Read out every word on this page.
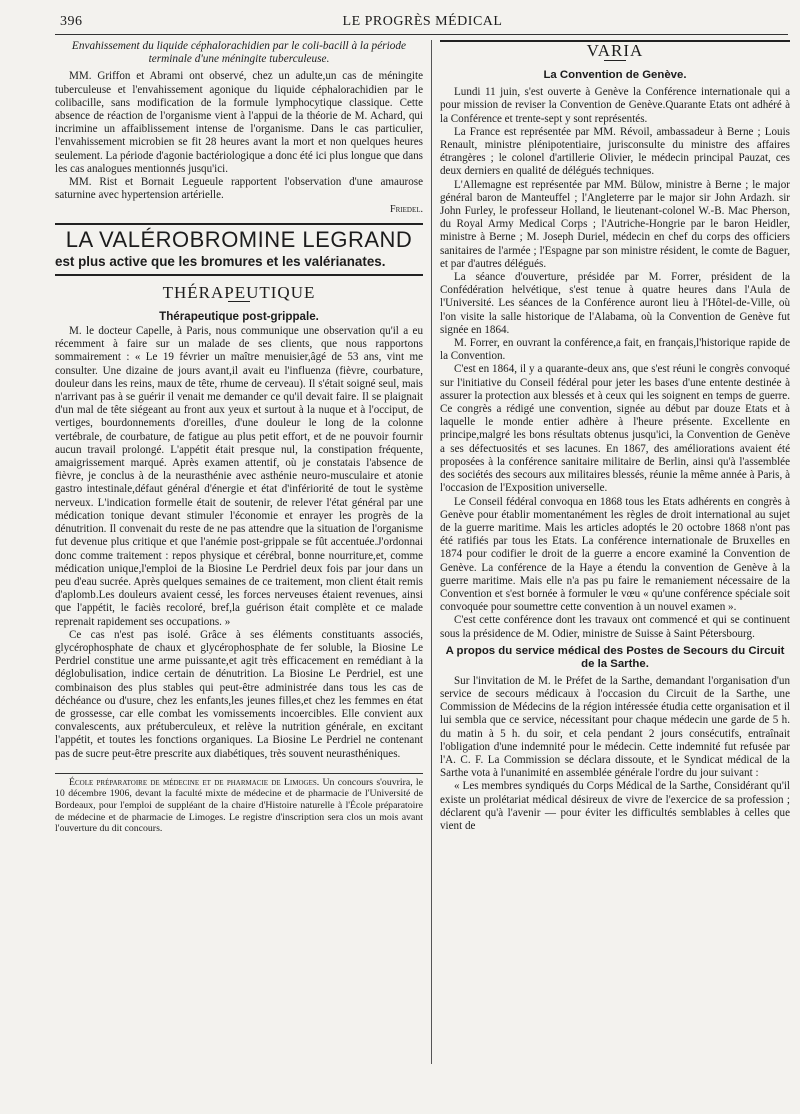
396	LE PROGRÈS MÉDICAL

Envahissement du liquide céphalorachidien par le coli-bacill à la période terminale d'une méningite tuberculeuse.

MM. Griffon et Abrami ont observé, chez un adulte,un cas de méningite tuberculeuse et l'envahissement agonique du liquide céphalorachidien par le colibacille, sans modification de la formule lymphocytique classique. Cette absence de réaction de l'organisme vient à l'appui de la théorie de M. Achard, qui incrimine un affaiblissement intense de l'organisme. Dans le cas particulier, l'envahissement microbien se fit 28 heures avant la mort et non quelques heures seulement. La période d'agonie bactériologique a donc été ici plus longue que dans les cas analogues mentionnés jusqu'ici.

MM. Rist et Bornait Legueule rapportent l'observation d'une amaurose saturnine avec hypertension artérielle.

Friedel.
LA VALÉROBROMINE LEGRAND
est plus active que les bromures et les valérianates.
THÉRAPEUTIQUE
Thérapeutique post-grippale.

M. le docteur Capelle, à Paris, nous communique une observation qu'il a eu récemment à faire sur un malade de ses clients, que nous rapportons sommairement : « Le 19 février un maître menuisier,âgé de 53 ans, vint me consulter. Une dizaine de jours avant,il avait eu l'influenza (fièvre, courbature, douleur dans les reins, maux de tête, rhume de cerveau). Il s'était soigné seul, mais n'arrivant pas à se guérir il venait me demander ce qu'il devait faire. Il se plaignait d'un mal de tête siégeant au front aux yeux et surtout à la nuque et à l'occiput, de vertiges, bourdonnements d'oreilles, d'une douleur le long de la colonne vertébrale, de courbature, de fatigue au plus petit effort, et de ne pouvoir fournir aucun travail prolongé. L'appétit était presque nul, la constipation fréquente, amaigrissement marqué. Après examen attentif, où je constatais l'absence de fièvre, je conclus à de la neurasthénie avec asthénie neuro-musculaire et atonie gastro intestinale,défaut général d'énergie et état d'infériorité de tout le système nerveux. L'indication formelle était de soutenir, de relever l'état général par une médication tonique devant stimuler l'économie et enrayer les progrès de la dénutrition. Il convenait du reste de ne pas attendre que la situation de l'organisme fut devenue plus critique et que l'anémie post-grippale se fût accentuée.J'ordonnai donc comme traitement : repos physique et cérébral, bonne nourriture,et, comme médication unique,l'emploi de la Biosine Le Perdriel deux fois par jour dans un peu d'eau sucrée. Après quelques semaines de ce traitement, mon client était remis d'aplomb.Les douleurs avaient cessé, les forces nerveuses étaient revenues, ainsi que l'appétit, le faciès recoloré, bref,la guérison était complète et ce malade reprenait rapidement ses occupations. »

Ce cas n'est pas isolé. Grâce à ses éléments constituants associés, glycérophosphate de chaux et glycérophosphate de fer soluble, la Biosine Le Perdriel constitue une arme puissante,et agit très efficacement en remédiant à la déglobulisation, indice certain de dénutrition. La Biosine Le Perdriel, est une combinaison des plus stables qui peut-être administrée dans tous les cas de déchéance ou d'usure, chez les enfants,les jeunes filles,et chez les femmes en état de grossesse, car elle combat les vomissements incoercibles. Elle convient aux convalescents, aux prétuberculeux, et relève la nutrition générale, en excitant l'appétit, et toutes les fonctions organiques. La Biosine Le Perdriel ne contenant pas de sucre peut-être prescrite aux diabétiques, très souvent neurasthéniques.

École préparatoire de médecine et de pharmacie de Limoges. Un concours s'ouvrira, le 10 décembre 1906, devant la faculté mixte de médecine et de pharmacie de l'Université de Bordeaux, pour l'emploi de suppléant de la chaire d'Histoire naturelle à l'École préparatoire de médecine et de pharmacie de Limoges. Le registre d'inscription sera clos un mois avant l'ouverture du dit concours.

VARIA
La Convention de Genève.

Lundi 11 juin, s'est ouverte à Genève la Conférence internationale qui a pour mission de reviser la Convention de Genève.Quarante Etats ont adhéré à la Conférence et trente-sept y sont représentés.

La France est représentée par MM. Révoil, ambassadeur à Berne ; Louis Renault, ministre plénipotentiaire, jurisconsulte du ministre des affaires étrangères ; le colonel d'artillerie Olivier, le médecin principal Pauzat, ces deux derniers en qualité de délégués techniques.

L'Allemagne est représentée par MM. Bülow, ministre à Berne ; le major général baron de Manteuffel ; l'Angleterre par le major sir John Ardazh. sir John Furley, le professeur Holland, le lieutenant-colonel W.-B. Mac Pherson, du Royal Army Medical Corps ; l'Autriche-Hongrie par le baron Heidler, ministre à Berne ; M. Joseph Duriel, médecin en chef du corps des officiers sanitaires de l'armée ; l'Espagne par son ministre résident, le comte de Baguer, et par d'autres délégués.

La séance d'ouverture, présidée par M. Forrer, président de la Confédération helvétique, s'est tenue à quatre heures dans l'Aula de l'Université. Les séances de la Conférence auront lieu à l'Hôtel-de-Ville, où l'on visite la salle historique de l'Alabama, où la Convention de Genève fut signée en 1864.

M. Forrer, en ouvrant la conférence,a fait, en français,l'historique rapide de la Convention.

C'est en 1864, il y a quarante-deux ans, que s'est réuni le congrès convoqué sur l'initiative du Conseil fédéral pour jeter les bases d'une entente destinée à assurer la protection aux blessés et à ceux qui les soignent en temps de guerre. Ce congrès a rédigé une convention, signée au début par douze Etats et à laquelle le monde entier adhère à l'heure présente. Excellente en principe,malgré les bons résultats obtenus jusqu'ici, la Convention de Genève a ses défectuosités et ses lacunes. En 1867, des améliorations avaient été proposées à la conférence sanitaire militaire de Berlin, ainsi qu'à l'assemblée des sociétés des secours aux militaires blessés, réunie la même année à Paris, à l'occasion de l'Exposition universelle.

Le Conseil fédéral convoqua en 1868 tous les Etats adhérents en congrès à Genève pour établir momentanément les règles de droit international au sujet de la guerre maritime. Mais les articles adoptés le 20 octobre 1868 n'ont pas été ratifiés par tous les Etats. La conférence internationale de Bruxelles en 1874 pour codifier le droit de la guerre a encore examiné la Convention de Genève. La conférence de la Haye a étendu la convention de Genève à la guerre maritime. Mais elle n'a pas pu faire le remaniement nécessaire de la Convention et s'est bornée à formuler le vœu « qu'une conférence spéciale soit convoquée pour soumettre cette convention à un nouvel examen ».

C'est cette conférence dont les travaux ont commencé et qui se continuent sous la présidence de M. Odier, ministre de Suisse à Saint Pétersbourg.

A propos du service médical des Postes de Secours du Circuit de la Sarthe.

Sur l'invitation de M. le Préfet de la Sarthe, demandant l'organisation d'un service de secours médicaux à l'occasion du Circuit de la Sarthe, une Commission de Médecins de la région intéressée étudia cette organisation et il lui sembla que ce service, nécessitant pour chaque médecin une garde de 5 h. du matin à 5 h. du soir, et cela pendant 2 jours consécutifs, entraînait l'obligation d'une indemnité pour le médecin. Cette indemnité fut refusée par l'A. C. F. La Commission se déclara dissoute, et le Syndicat médical de la Sarthe vota à l'unanimité en assemblée générale l'ordre du jour suivant :

« Les membres syndiqués du Corps Médical de la Sarthe, Considérant qu'il existe un prolétariat médical désireux de vivre de l'exercice de sa profession ; déclarent qu'à l'avenir — pour éviter les difficultés semblables à celles que vient de
